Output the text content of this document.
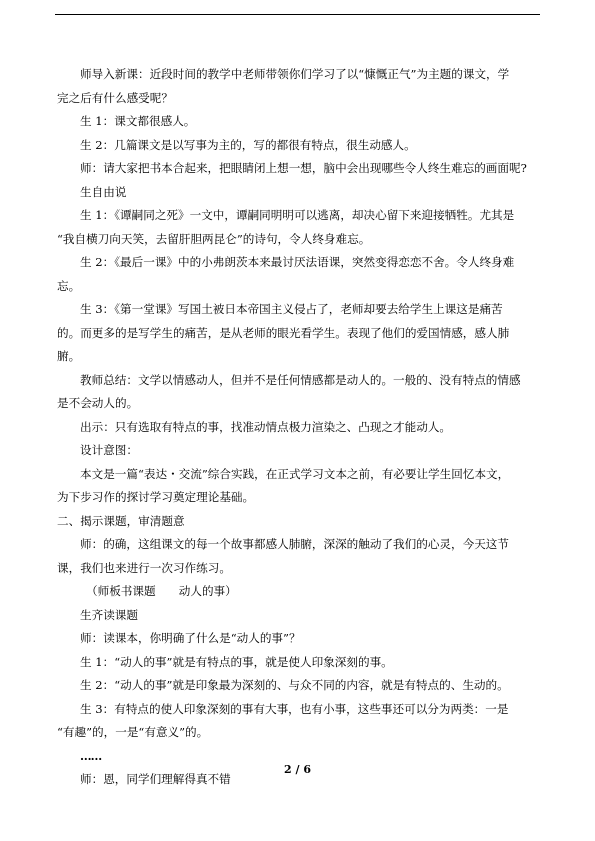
师导入新课：近段时间的教学中老师带领你们学习了以“慷慨正气”为主题的课文，学
完之后有什么感受呢？
生 1：课文都很感人。
生 2：几篇课文是以写事为主的，写的都很有特点，很生动感人。
师：请大家把书本合起来，把眼睛闭上想一想，脑中会出现哪些令人终生难忘的画面呢?
生自由说
生 1：《谭嗣同之死》一文中，谭嗣同明明可以逃离，却决心留下来迎接牺牲。尤其是
“我自横刀向天笑，去留肝胆两昆仑”的诗句，令人终身难忘。
生 2：《最后一课》中的小弗朗茨本来最讨厌法语课，突然变得恋恋不舍。令人终身难
忘。
生 3：《第一堂课》写国土被日本帝国主义侵占了，老师却要去给学生上课这是痛苦
的。而更多的是写学生的痛苦，是从老师的眼光看学生。表现了他们的爱国情感，感人肺
腑。
教师总结：文学以情感动人，但并不是任何情感都是动人的。一般的、没有特点的情感
是不会动人的。
出示：只有选取有特点的事，找准动情点极力渲染之、凸现之才能动人。
设计意图：
本文是一篇“表达・交流”综合实践，在正式学习文本之前，有必要让学生回忆本文，
为下步习作的探讨学习奠定理论基础。
二、揭示课题，审清题意
师：的确，这组课文的每一个故事都感人肺腑，深深的触动了我们的心灵，今天这节
课，我们也来进行一次习作练习。
（师板书课题　　动人的事）
生齐读课题
师：读课本，你明确了什么是“动人的事”？
生 1：“动人的事”就是有特点的事，就是使人印象深刻的事。
生 2：“动人的事”就是印象最为深刻的、与众不同的内容，就是有特点的、生动的。
生 3：有特点的使人印象深刻的事有大事，也有小事，这些事还可以分为两类：一是
“有趣”的，一是“有意义”的。
……
师：恩，同学们理解得真不错
2 / 6
